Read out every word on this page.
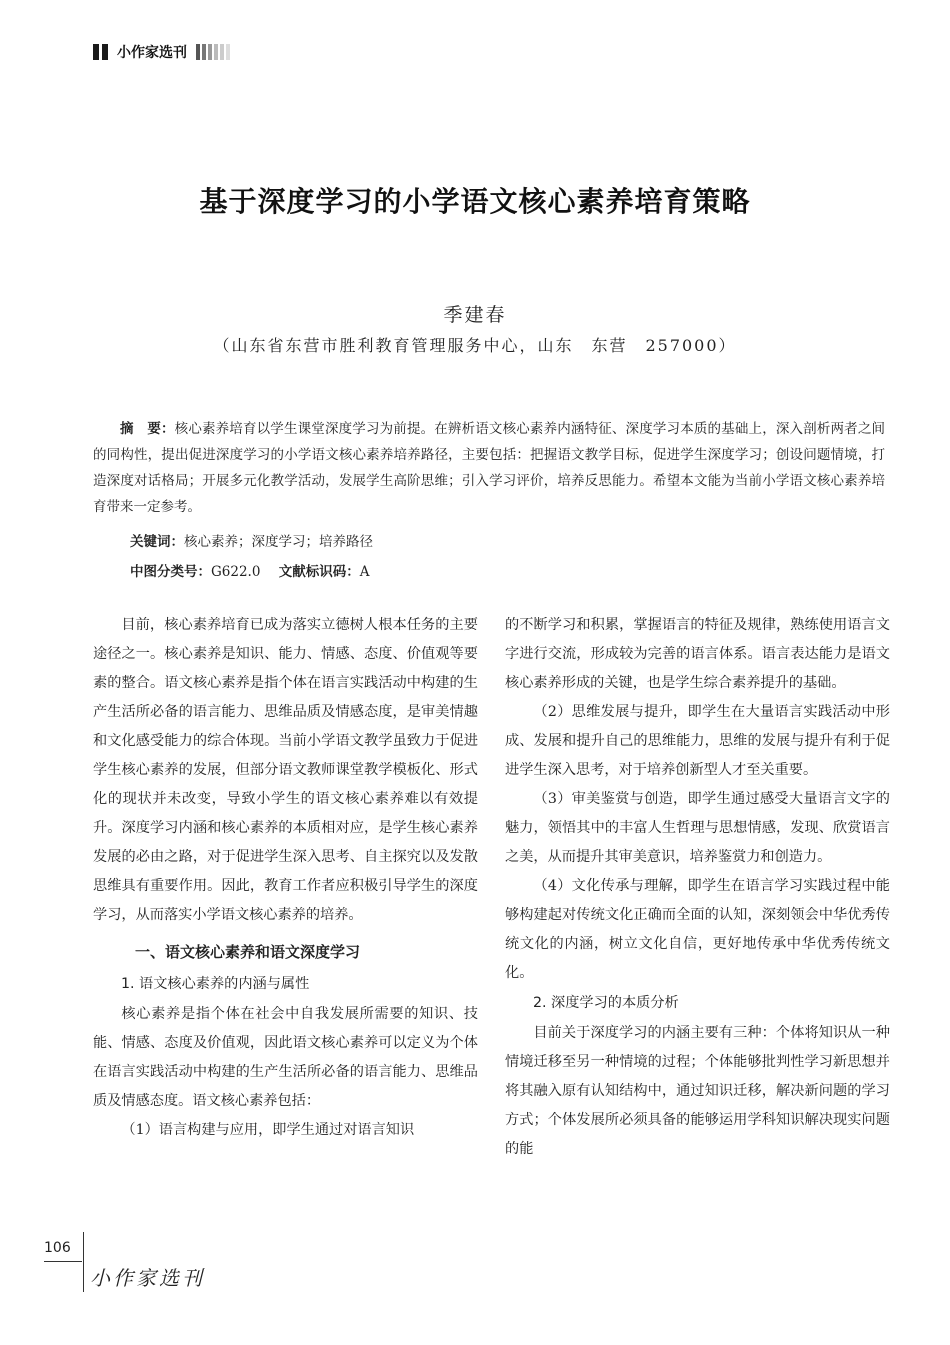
小作家选刊
基于深度学习的小学语文核心素养培育策略
季建春
（山东省东营市胜利教育管理服务中心，山东　东营　257000）

摘　要：核心素养培育以学生课堂深度学习为前提。在辨析语文核心素养内涵特征、深度学习本质的基础上，深入剖析两者之间的同构性，提出促进深度学习的小学语文核心素养培养路径，主要包括：把握语文教学目标，促进学生深度学习；创设问题情境，打造深度对话格局；开展多元化教学活动，发展学生高阶思维；引入学习评价，培养反思能力。希望本文能为当前小学语文核心素养培育带来一定参考。

关键词：核心素养；深度学习；培养路径
中图分类号：G622.0 文献标识码：A

目前，核心素养培育已成为落实立德树人根本任务的主要途径之一。核心素养是知识、能力、情感、态度、价值观等要素的整合。语文核心素养是指个体在语言实践活动中构建的生产生活所必备的语言能力、思维品质及情感态度，是审美情趣和文化感受能力的综合体现。当前小学语文教学虽致力于促进学生核心素养的发展，但部分语文教师课堂教学模板化、形式化的现状并未改变，导致小学生的语文核心素养难以有效提升。深度学习内涵和核心素养的本质相对应，是学生核心素养发展的必由之路，对于促进学生深入思考、自主探究以及发散思维具有重要作用。因此，教育工作者应积极引导学生的深度学习，从而落实小学语文核心素养的培养。

一、语文核心素养和语文深度学习
1. 语文核心素养的内涵与属性

核心素养是指个体在社会中自我发展所需要的知识、技能、情感、态度及价值观，因此语文核心素养可以定义为个体在语言实践活动中构建的生产生活所必备的语言能力、思维品质及情感态度。语文核心素养包括：

（1）语言构建与应用，即学生通过对语言知识

的不断学习和积累，掌握语言的特征及规律，熟练使用语言文字进行交流，形成较为完善的语言体系。语言表达能力是语文核心素养形成的关键，也是学生综合素养提升的基础。

（2）思维发展与提升，即学生在大量语言实践活动中形成、发展和提升自己的思维能力，思维的发展与提升有利于促进学生深入思考，对于培养创新型人才至关重要。

（3）审美鉴赏与创造，即学生通过感受大量语言文字的魅力，领悟其中的丰富人生哲理与思想情感，发现、欣赏语言之美，从而提升其审美意识，培养鉴赏力和创造力。

（4）文化传承与理解，即学生在语言学习实践过程中能够构建起对传统文化正确而全面的认知，深刻领会中华优秀传统文化的内涵，树立文化自信，更好地传承中华优秀传统文化。

2. 深度学习的本质分析

目前关于深度学习的内涵主要有三种：个体将知识从一种情境迁移至另一种情境的过程；个体能够批判性学习新思想并将其融入原有认知结构中，通过知识迁移，解决新问题的学习方式；个体发展所必须具备的能够运用学科知识解决现实问题的能

106
小作家选刊
